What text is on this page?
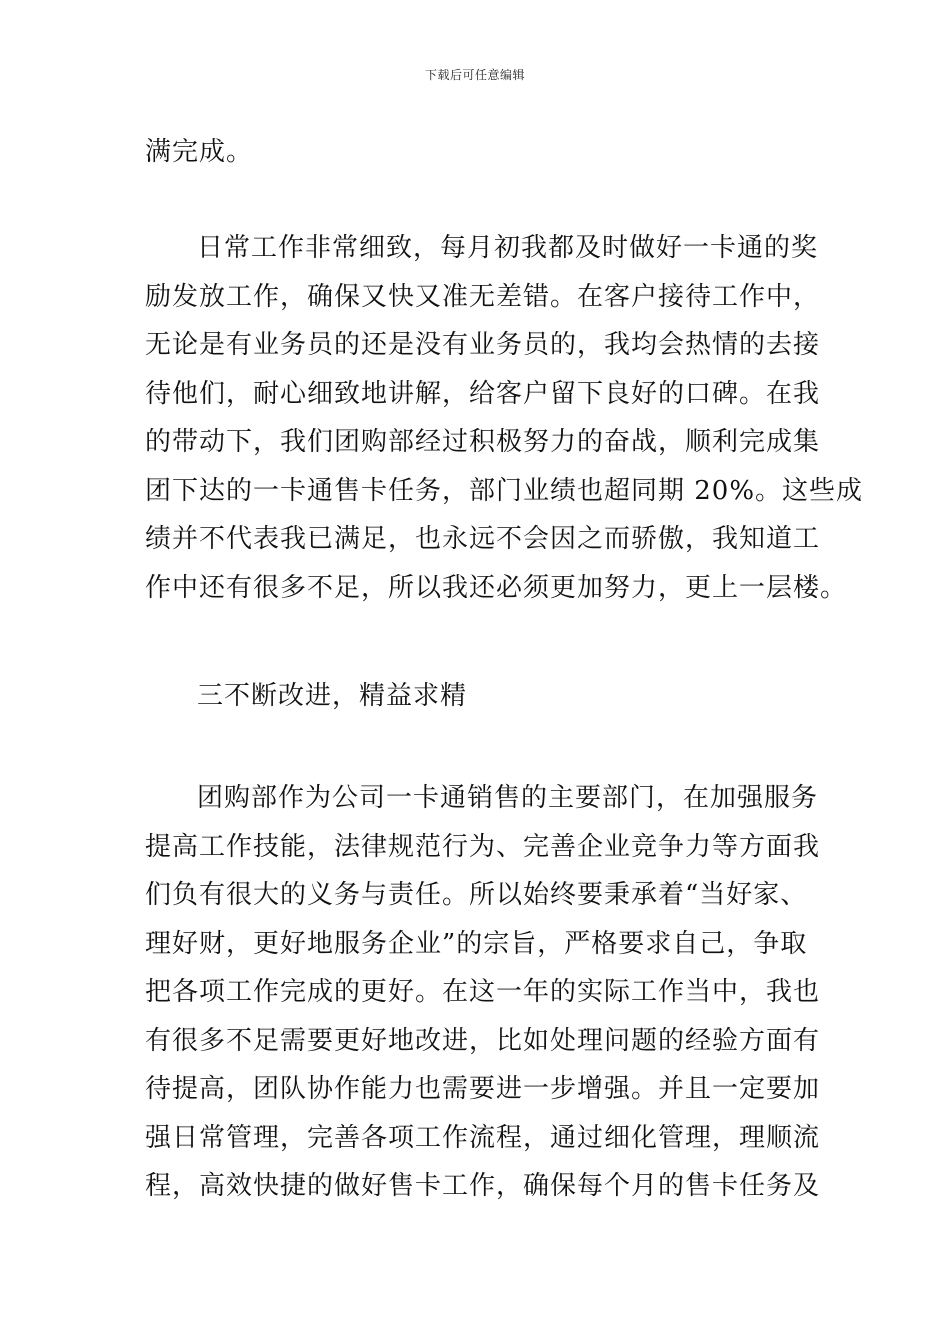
下载后可任意编辑
满完成。
日常工作非常细致，每月初我都及时做好一卡通的奖
励发放工作，确保又快又准无差错。在客户接待工作中，
无论是有业务员的还是没有业务员的，我均会热情的去接
待他们，耐心细致地讲解，给客户留下良好的口碑。在我
的带动下，我们团购部经过积极努力的奋战，顺利完成集
团下达的一卡通售卡任务，部门业绩也超同期 20%。这些成
绩并不代表我已满足，也永远不会因之而骄傲，我知道工
作中还有很多不足，所以我还必须更加努力，更上一层楼。
三不断改进，精益求精
团购部作为公司一卡通销售的主要部门，在加强服务
提高工作技能，法律规范行为、完善企业竞争力等方面我
们负有很大的义务与责任。所以始终要秉承着“当好家、
理好财，更好地服务企业”的宗旨，严格要求自己，争取
把各项工作完成的更好。在这一年的实际工作当中，我也
有很多不足需要更好地改进，比如处理问题的经验方面有
待提高，团队协作能力也需要进一步增强。并且一定要加
强日常管理，完善各项工作流程，通过细化管理，理顺流
程，高效快捷的做好售卡工作，确保每个月的售卡任务及
